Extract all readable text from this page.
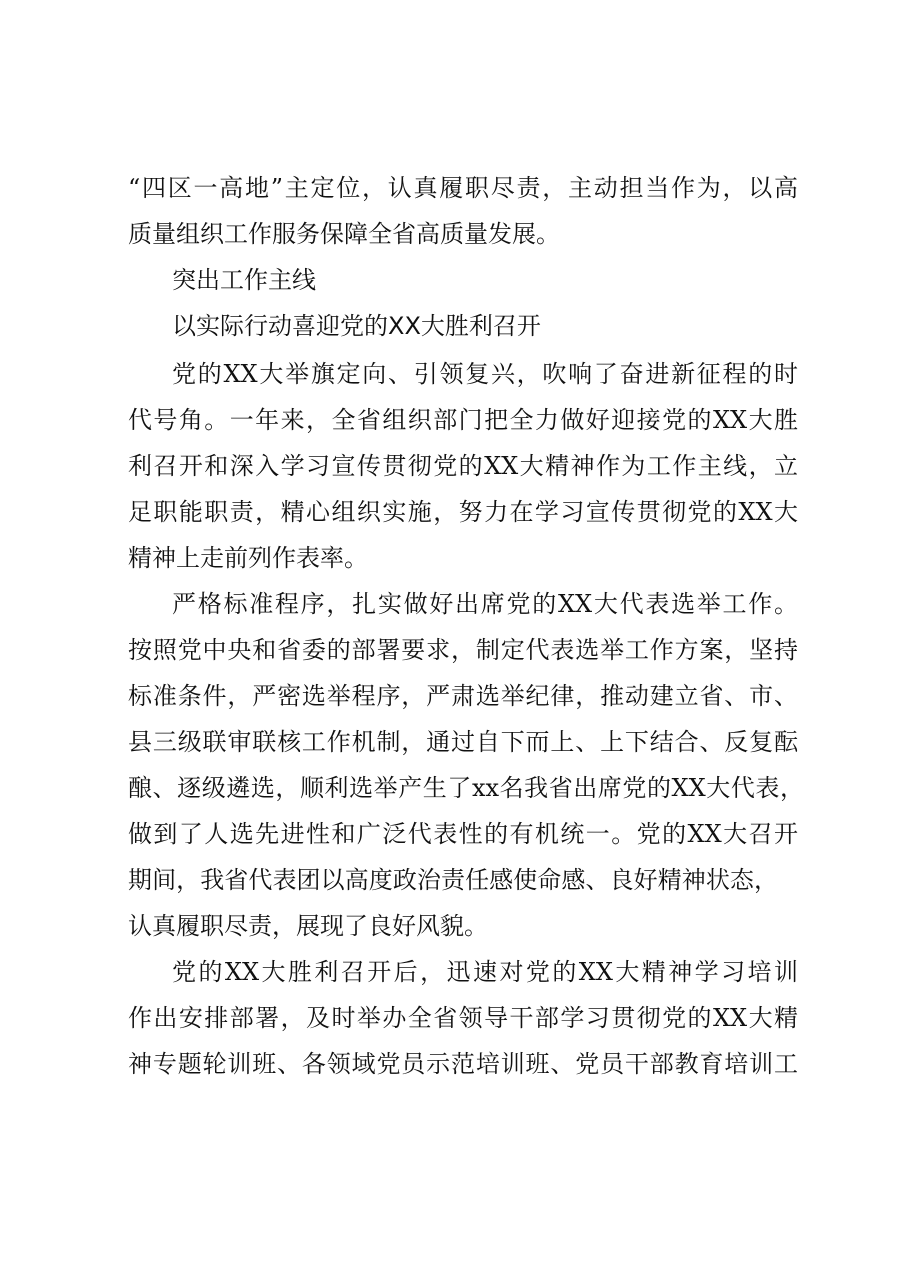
“四区一高地”主定位，认真履职尽责，主动担当作为，以高
质量组织工作服务保障全省高质量发展。
突出工作主线
以实际行动喜迎党的XX大胜利召开
党的XX大举旗定向、引领复兴，吹响了奋进新征程的时
代号角。一年来，全省组织部门把全力做好迎接党的XX大胜
利召开和深入学习宣传贯彻党的XX大精神作为工作主线，立
足职能职责，精心组织实施，努力在学习宣传贯彻党的XX大
精神上走前列作表率。
严格标准程序，扎实做好出席党的XX大代表选举工作。
按照党中央和省委的部署要求，制定代表选举工作方案，坚持
标准条件，严密选举程序，严肃选举纪律，推动建立省、市、
县三级联审联核工作机制，通过自下而上、上下结合、反复酝
酿、逐级遴选，顺利选举产生了xx名我省出席党的XX大代表，
做到了人选先进性和广泛代表性的有机统一。党的XX大召开
期间，我省代表团以高度政治责任感使命感、良好精神状态，
认真履职尽责，展现了良好风貌。
党的XX大胜利召开后，迅速对党的XX大精神学习培训
作出安排部署，及时举办全省领导干部学习贯彻党的XX大精
神专题轮训班、各领域党员示范培训班、党员干部教育培训工
